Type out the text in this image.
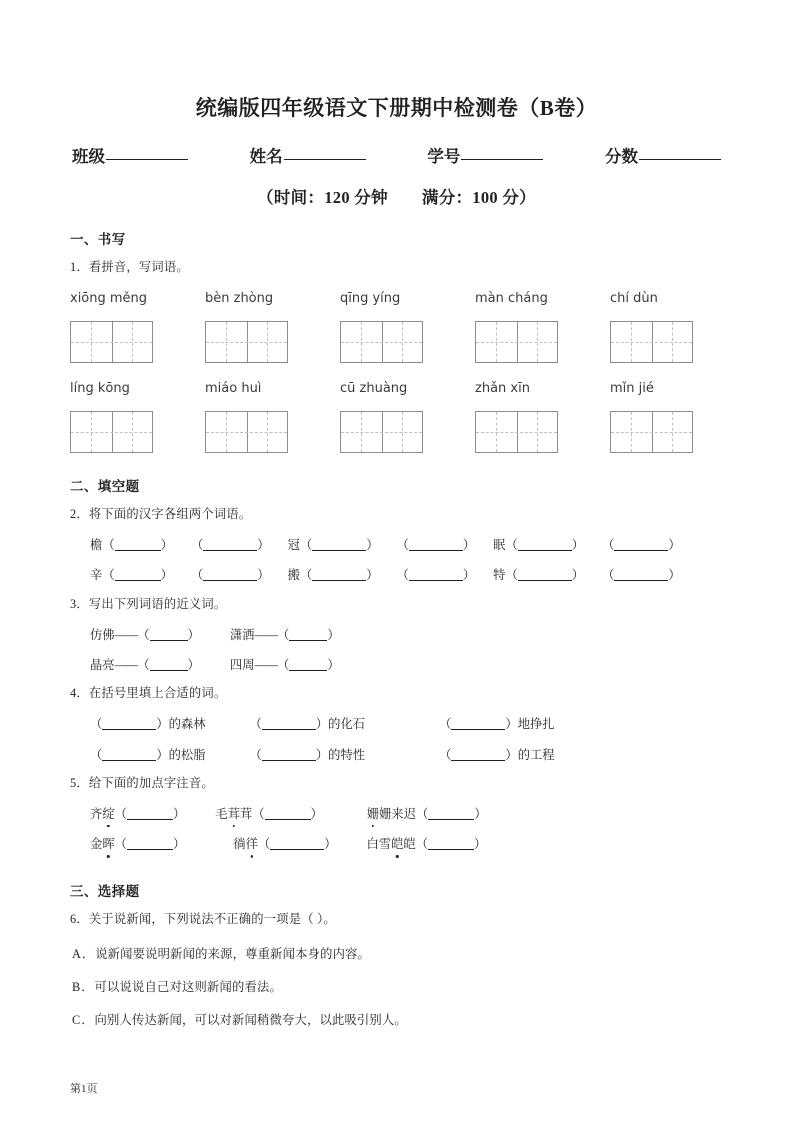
统编版四年级语文下册期中检测卷（B卷）
班级	姓名	学号	分数
（时间：120 分钟 满分：100 分）
一、书写
1．看拼音，写词语。
xiōng měng	bèn zhòng	qīng yíng	màn cháng	chí dùn
líng kōng	miáo huì	cū zhuàng	zhǎn xīn	mǐn jié
二、填空题
2．将下面的汉字各组两个词语。
檐（	） （	） 冠（	） （	） 眠（	） （	）
辛（	） （	） 搬（	） （	） 特（	） （	）
3．写出下列词语的近义词。
仿佛——（	） 潇洒——（	）
晶亮——（	） 四周——（	）
4．在括号里填上合适的词。
（	）的森林	（	）的化石	（	）地挣扎
（	）的松脂	（	）的特性	（	）的工程
5．给下面的加点字注音。
齐绽（	） 毛茸茸（	）	姗姗来迟（	）
金晖（	）	徜徉（	） 白雪皑皑（	）
三、选择题
6．关于说新闻，下列说法不正确的一项是（ ）。
A．说新闻要说明新闻的来源，尊重新闻本身的内容。
B．可以说说自己对这则新闻的看法。
C．向别人传达新闻，可以对新闻稍微夸大，以此吸引别人。
第1页
